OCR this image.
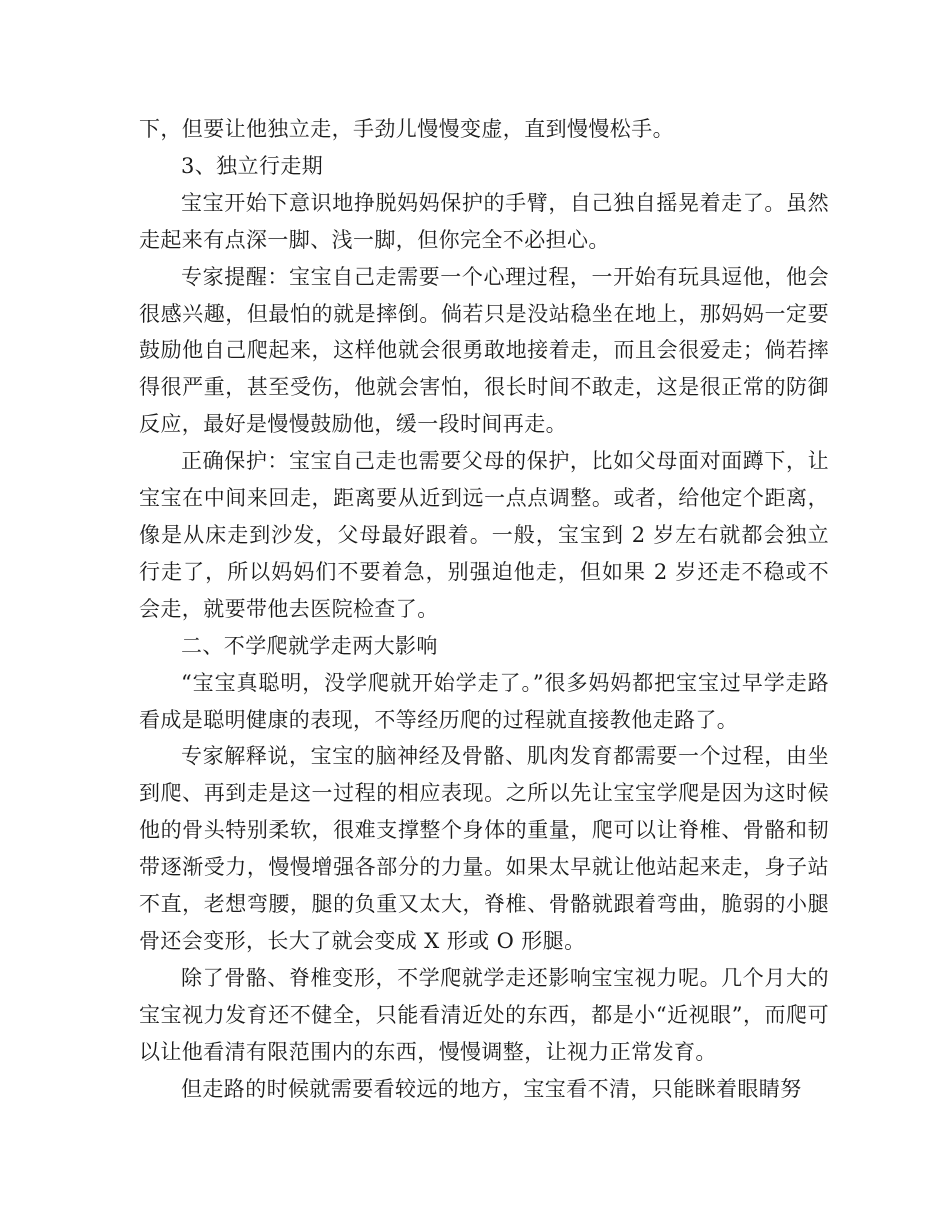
下，但要让他独立走，手劲儿慢慢变虚，直到慢慢松手。

3、独立行走期

宝宝开始下意识地挣脱妈妈保护的手臂，自己独自摇晃着走了。虽然走起来有点深一脚、浅一脚，但你完全不必担心。

专家提醒：宝宝自己走需要一个心理过程，一开始有玩具逗他，他会很感兴趣，但最怕的就是摔倒。倘若只是没站稳坐在地上，那妈妈一定要鼓励他自己爬起来，这样他就会很勇敢地接着走，而且会很爱走；倘若摔得很严重，甚至受伤，他就会害怕，很长时间不敢走，这是很正常的防御反应，最好是慢慢鼓励他，缓一段时间再走。

正确保护：宝宝自己走也需要父母的保护，比如父母面对面蹲下，让宝宝在中间来回走，距离要从近到远一点点调整。或者，给他定个距离，像是从床走到沙发，父母最好跟着。一般，宝宝到 2 岁左右就都会独立行走了，所以妈妈们不要着急，别强迫他走，但如果 2 岁还走不稳或不会走，就要带他去医院检查了。

二、不学爬就学走两大影响

“宝宝真聪明，没学爬就开始学走了。”很多妈妈都把宝宝过早学走路看成是聪明健康的表现，不等经历爬的过程就直接教他走路了。

专家解释说，宝宝的脑神经及骨骼、肌肉发育都需要一个过程，由坐到爬、再到走是这一过程的相应表现。之所以先让宝宝学爬是因为这时候他的骨头特别柔软，很难支撑整个身体的重量，爬可以让脊椎、骨骼和韧带逐渐受力，慢慢增强各部分的力量。如果太早就让他站起来走，身子站不直，老想弯腰，腿的负重又太大，脊椎、骨骼就跟着弯曲，脆弱的小腿骨还会变形，长大了就会变成 X 形或 O 形腿。

除了骨骼、脊椎变形，不学爬就学走还影响宝宝视力呢。几个月大的宝宝视力发育还不健全，只能看清近处的东西，都是小“近视眼”，而爬可以让他看清有限范围内的东西，慢慢调整，让视力正常发育。

但走路的时候就需要看较远的地方，宝宝看不清，只能眯着眼睛努
